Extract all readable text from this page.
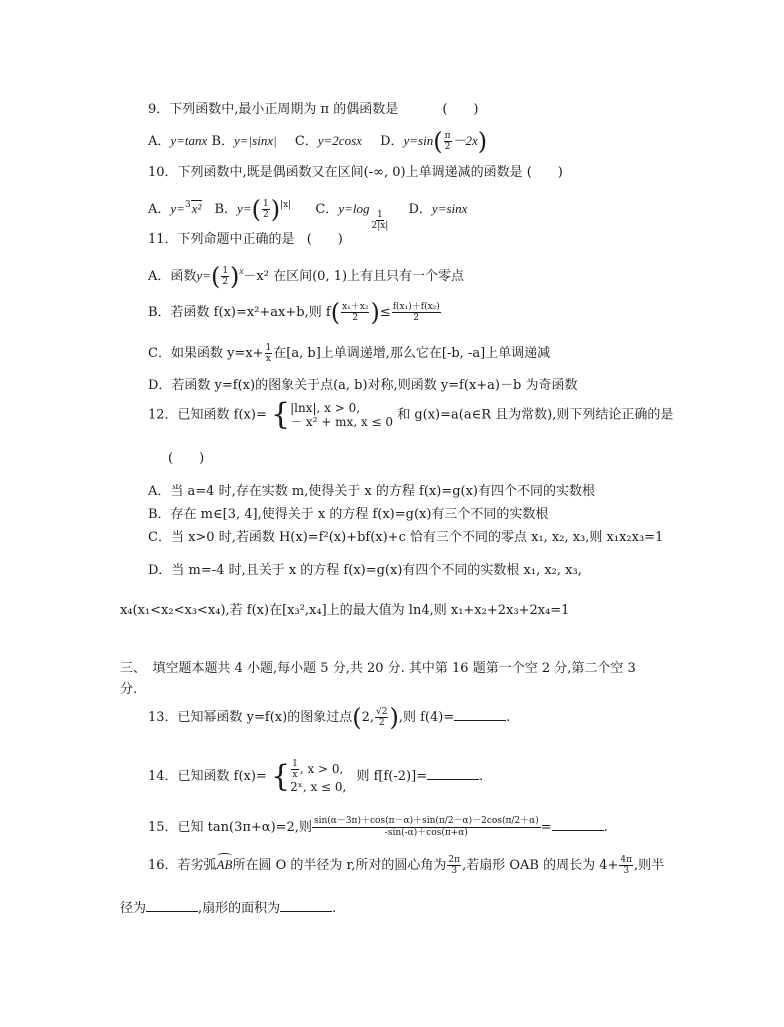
9．下列函数中,最小正周期为 π 的偶函数是	(　　)
A．y=tanx B．y=|sinx| C．y=2cosx D．$y=\sin( \frac{\pi}{2} -2x)$
10．下列函数中,既是偶函数又在区间(-∞, 0)上单调递减的函数是 (　　)
A．y=$^3$x² B．$y=( \frac{1}{2} )^{|x|}$ C．y=log
$\frac{1}{2|x|}$
D．y=sinx
11．下列命题中正确的是 (　　)
A．函数$y=( \frac{1}{2} )^x-x^2$ 在区间(0, 1)上有且只有一个零点
B．若函数 f(x)=x²+ax+b,则 $f( \frac{\text{x₁＋x₂}}{2}$ )≤ $\frac{\text{f(x₁)＋f(x₂)}}{2}$
C．如果函数 $y=x+ \frac{1}{x}$ 在[a, b]上单调递增,那么它在[-b, -a]上单调递减
D．若函数 y=f(x)的图象关于点(a, b)对称,则函数 y=f(x+a)－b 为奇函数
12．已知函数 f(x)= { |lnx|, x > 0,
－ x² + mx, x ≤ 0 和 g(x)=a(a∈R 且为常数),则下列结论正确的是
(　　)
A．当 a=4 时,存在实数 m,使得关于 x 的方程 f(x)=g(x)有四个不同的实数根
B．存在 m∈[3, 4],使得关于 x 的方程 f(x)=g(x)有三个不同的实数根
C．当 x>0 时,若函数 H(x)=f²(x)+bf(x)+c 恰有三个不同的零点 x₁, x₂, x₃,则 x₁x₂x₃=1
D．当 m=-4 时,且关于 x 的方程 f(x)=g(x)有四个不同的实数根 x₁, x₂, x₃,
x₄(x₁<x₂<x₃<x₄),若 f(x)在[x₃²,x₄]上的最大值为 ln4,则 x₁+x₂+2x₃+2x₄=1
三、　填空题本题共 4 小题,每小题 5 分,共 20 分. 其中第 16 题第一个空 2 分,第二个空 3
分.
13．已知幂函数 y=f(x)的图象过点(2, $\frac{√2}{2}$ ),则 f(4)=	.
14．已知函数 f(x)= { $\frac{1}{x}$ , x > 0,
2ˣ, x ≤ 0,
则 f[f(-2)]=	.
15．已知 tan(3π+α)=2,则 $\frac{\sin(\alpha-3\pi)+\cos(\pi-\alpha)+\sin(\pi/2-\alpha)-2\cos(\pi/2+\alpha)}{-\sin(-\alpha)+\cos(\pi+\alpha)}$ =	.
16．若劣弧AB所在圆 O 的半径为 r,所对的圆心角为 $\frac{2\pi}{3}$ ,若扇形 OAB 的周长为 $4+ \frac{4\pi}{3}$ ,则半
径为	,扇形的面积为	.
